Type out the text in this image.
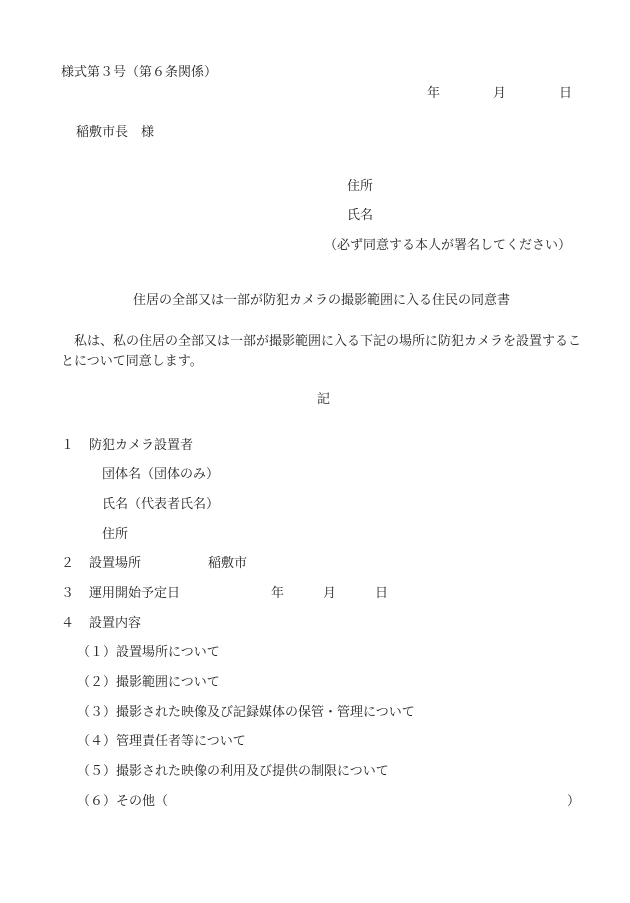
様式第３号（第６条関係）
年	月	日
稲敷市長　様
住所
氏名
（必ず同意する本人が署名してください）
住居の全部又は一部が防犯カメラの撮影範囲に入る住民の同意書
私は、私の住居の全部又は一部が撮影範囲に入る下記の場所に防犯カメラを設置することについて同意します。
記
１ 防犯カメラ設置者
団体名（団体のみ）
氏名（代表者氏名）
住所
２ 設置場所	稲敷市
３ 運用開始予定日	年	月	日
４ 設置内容
（１）設置場所について
（２）撮影範囲について
（３）撮影された映像及び記録媒体の保管・管理について
（４）管理責任者等について
（５）撮影された映像の利用及び提供の制限について
（６）その他（	）
